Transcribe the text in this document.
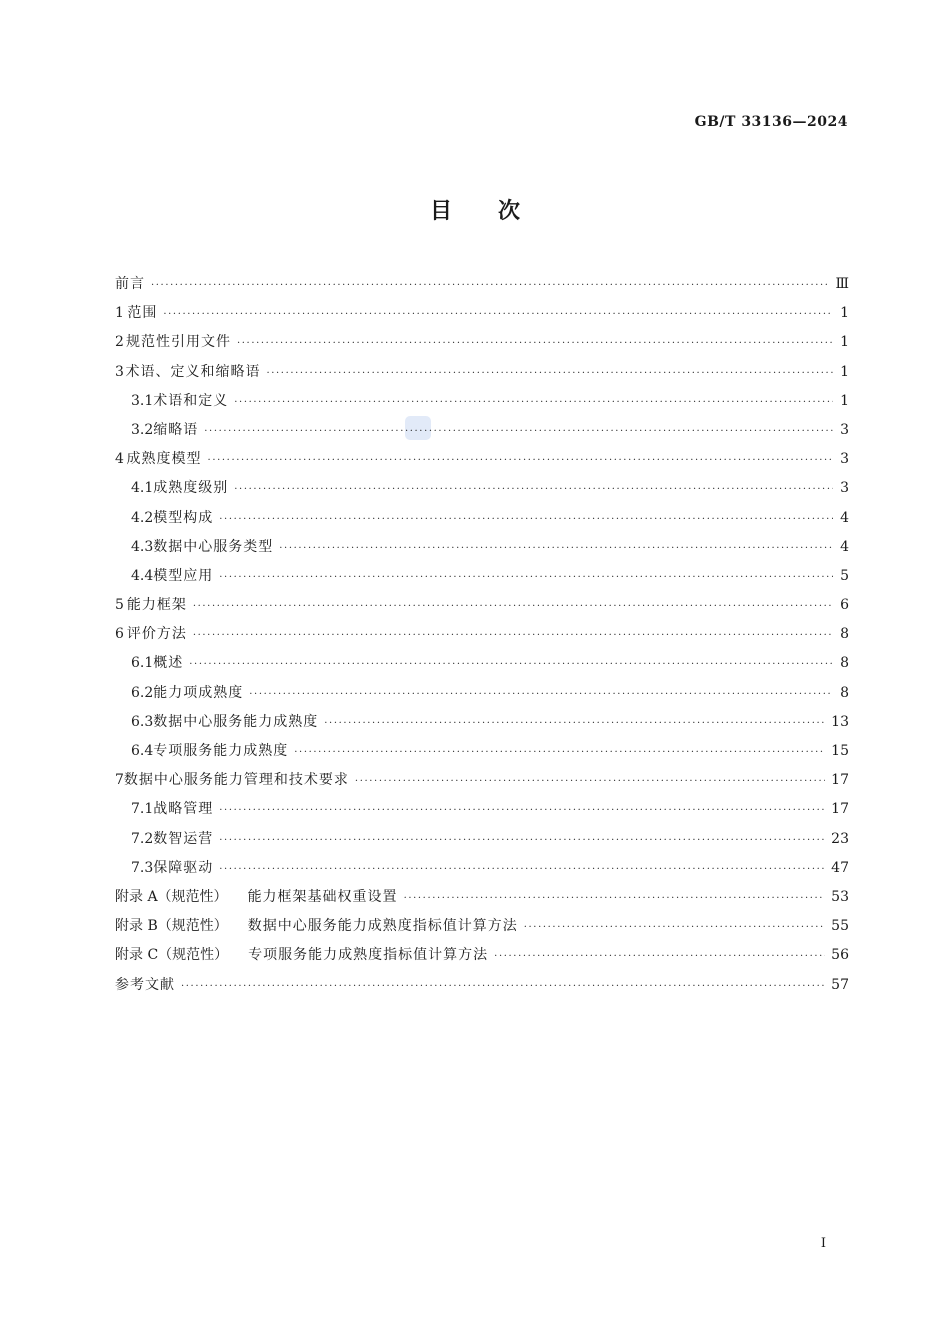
GB/T 33136—2024
目 次
前言 ·····	Ⅲ
1 范围 ·····	1
2 规范性引用文件 ·····	1
3 术语、定义和缩略语 ·····	1
3.1 术语和定义 ·····	1
3.2 缩略语 ·····	3
4 成熟度模型 ·····	3
4.1 成熟度级别 ·····	3
4.2 模型构成 ·····	4
4.3 数据中心服务类型 ·····	4
4.4 模型应用 ·····	5
5 能力框架 ·····	6
6 评价方法 ·····	8
6.1 概述 ·····	8
6.2 能力项成熟度 ·····	8
6.3 数据中心服务能力成熟度 ·····	13
6.4 专项服务能力成熟度 ·····	15
7 数据中心服务能力管理和技术要求 ·····	17
7.1 战略管理 ·····	17
7.2 数智运营 ·····	23
7.3 保障驱动 ·····	47
附录 A（规范性） 能力框架基础权重设置 ·····	53
附录 B（规范性） 数据中心服务能力成熟度指标值计算方法 ·····	55
附录 C（规范性） 专项服务能力成熟度指标值计算方法 ·····	56
参考文献 ·····	57
I
